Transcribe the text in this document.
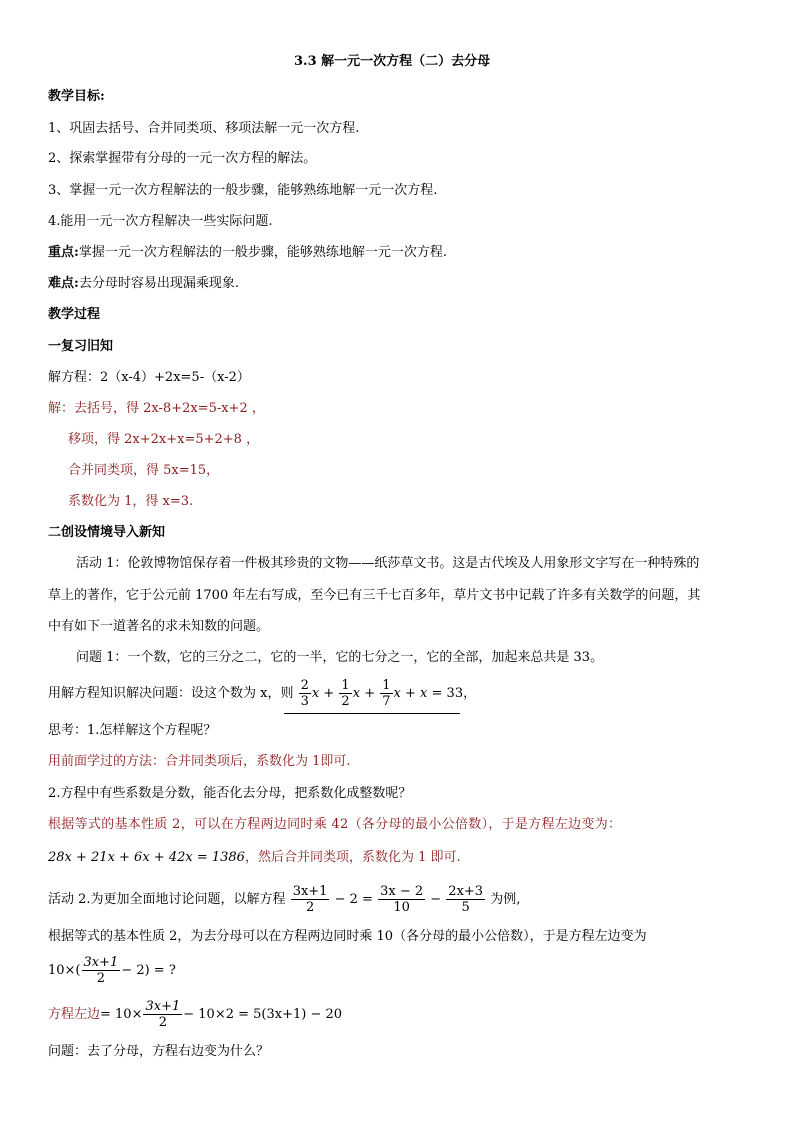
3.3 解一元一次方程（二）去分母
教学目标:
1、巩固去括号、合并同类项、移项法解一元一次方程.
2、探索掌握带有分母的一元一次方程的解法。
3、掌握一元一次方程解法的一般步骤，能够熟练地解一元一次方程.
4.能用一元一次方程解决一些实际问题.
重点:掌握一元一次方程解法的一般步骤，能够熟练地解一元一次方程.
难点:去分母时容易出现漏乘现象.
教学过程
一复习旧知
解方程：2（x-4）+2x=5-（x-2）
解：去括号，得 2x-8+2x=5-x+2 ，
移项，得 2x+2x+x=5+2+8 ，
合并同类项，得 5x=15，
系数化为 1，得 x=3.
二创设情境导入新知
活动 1：伦敦博物馆保存着一件极其珍贵的文物——纸莎草文书。这是古代埃及人用象形文字写在一种特殊的
草上的著作，它于公元前 1700 年左右写成，至今已有三千七百多年，草片文书中记载了许多有关数学的问题，其
中有如下一道著名的求未知数的问题。
问题 1：一个数，它的三分之二，它的一半，它的七分之一，它的全部，加起来总共是 33。
用解方程知识解决问题：设这个数为 x，则 $\frac{2}{3}$ $x + \frac{1}{2}$ $x + \frac{1}{7}$ x + x = 33，
思考：1.怎样解这个方程呢？
用前面学过的方法：合并同类项后，系数化为 1即可.
2.方程中有些系数是分数，能否化去分母，把系数化成整数呢？
根据等式的基本性质 2，可以在方程两边同时乘 42（各分母的最小公倍数），于是方程左边变为：
28x + 21x + 6x + 42x = 1386，然后合并同类项，系数化为 1 即可.
活动 2.为更加全面地讨论问题，以解方程 $\frac{3x+1}{2} - 2 = \frac{3x - 2}{10} - \frac{2x+3}{5}$ 为例,
根据等式的基本性质 2，为去分母可以在方程两边同时乘 10（各分母的最小公倍数），于是方程左边变为
$10\times( \frac{3x+1}{2} - 2)$ = ?
方程左边= $10\times \frac{3x+1}{2} - 10\times 2 = 5(3x+1) - 20$
问题：去了分母，方程右边变为什么？
